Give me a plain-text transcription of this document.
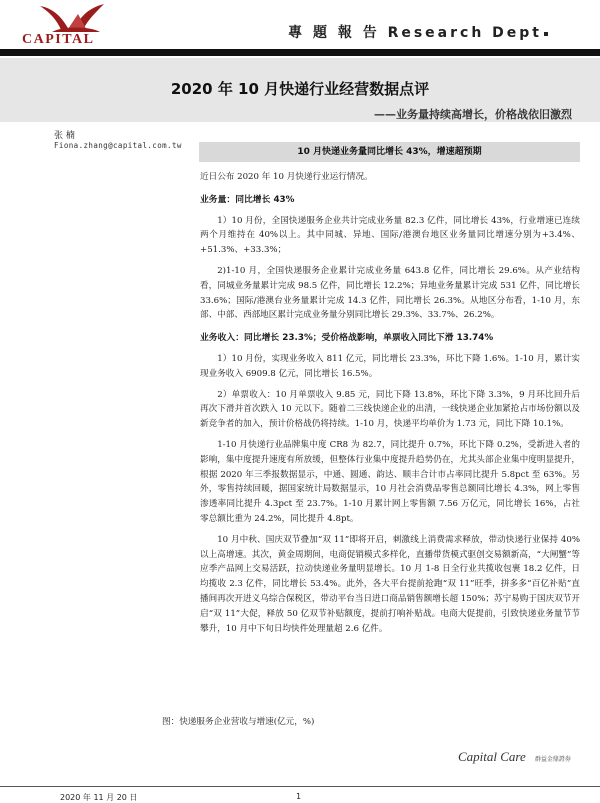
CAPITAL	專 題 報 告 Research Dept
2020 年 10 月快递行业经营数据点评
——业务量持续高增长，价格战依旧激烈
张 楠
Fiona.zhang@capital.com.tw
10 月快递业务量同比增长 43%，增速超预期

近日公布 2020 年 10 月快递行业运行情况。

业务量：同比增长 43%

1）10 月份，全国快递服务企业共计完成业务量 82.3 亿件，同比增长 43%，行业增速已连续两个月维持在 40%以上。其中同城、异地、国际/港澳台地区业务量同比增速分别为+3.4%、+51.3%、+33.3%；

2)1-10 月，全国快递服务企业累计完成业务量 643.8 亿件，同比增长 29.6%。从产业结构看，同城业务量累计完成 98.5 亿件，同比增长 12.2%；异地业务量累计完成 531 亿件，同比增长 33.6%；国际/港澳台业务量累计完成 14.3 亿件，同比增长 26.3%。从地区分布看，1-10 月，东部、中部、西部地区累计完成业务量分别同比增长 29.3%、33.7%、26.2%。

业务收入：同比增长 23.3%；受价格战影响，单票收入同比下滑 13.74%

1）10 月份，实现业务收入 811 亿元，同比增长 23.3%，环比下降 1.6%。1-10 月，累计实现业务收入 6909.8 亿元，同比增长 16.5%。

2）单票收入：10 月单票收入 9.85 元，同比下降 13.8%，环比下降 3.3%，9 月环比回升后再次下滑并首次跌入 10 元以下。随着二三线快递企业的出清，一线快递企业加紧抢占市场份额以及新竞争者的加入，预计价格战仍将持续。1-10 月，快递平均单价为 1.73 元，同比下降 10.1%。

1-10 月快递行业品牌集中度 CR8 为 82.7，同比提升 0.7%，环比下降 0.2%，受新进入者的影响，集中度提升速度有所放缓，但整体行业集中度提升趋势仍在，尤其头部企业集中度明显提升，根据 2020 年三季报数据显示，中通、圆通、韵达、顺丰合计市占率同比提升 5.8pct 至 63%。另外，零售持续回暖，据国家统计局数据显示，10 月社会消费品零售总额同比增长 4.3%，网上零售渗透率同比提升 4.3pct 至 23.7%。1-10 月累计网上零售额 7.56 万亿元，同比增长 16%，占社零总额比重为 24.2%，同比提升 4.8pt。

10 月中秋、国庆双节叠加“双 11”即将开启，刺激线上消费需求释放，带动快递行业保持 40%以上高增速。其次，黄金周期间，电商促销模式多样化，直播带货模式驱创交易额新高，“大闸蟹”等应季产品网上交易活跃，拉动快递业务量明显增长。10 月 1-8 日全行业共揽收包裹 18.2 亿件，日均揽收 2.3 亿件，同比增长 53.4%。此外，各大平台提前抢跑“双 11”旺季，拼多多“百亿补贴”直播间再次开进义乌综合保税区，带动平台当日进口商品销售额增长超 150%；苏宁易购于国庆双节开启“双 11”大促，释放 50 亿双节补贴额度，提前打响补贴战。电商大促提前，引致快递业务量节节攀升，10 月中下旬日均快件处理量超 2.6 亿件。

图：快递服务企业营收与增速(亿元，%)
Capital Care 群益金鼎證券
2020 年 11 月 20 日	1
